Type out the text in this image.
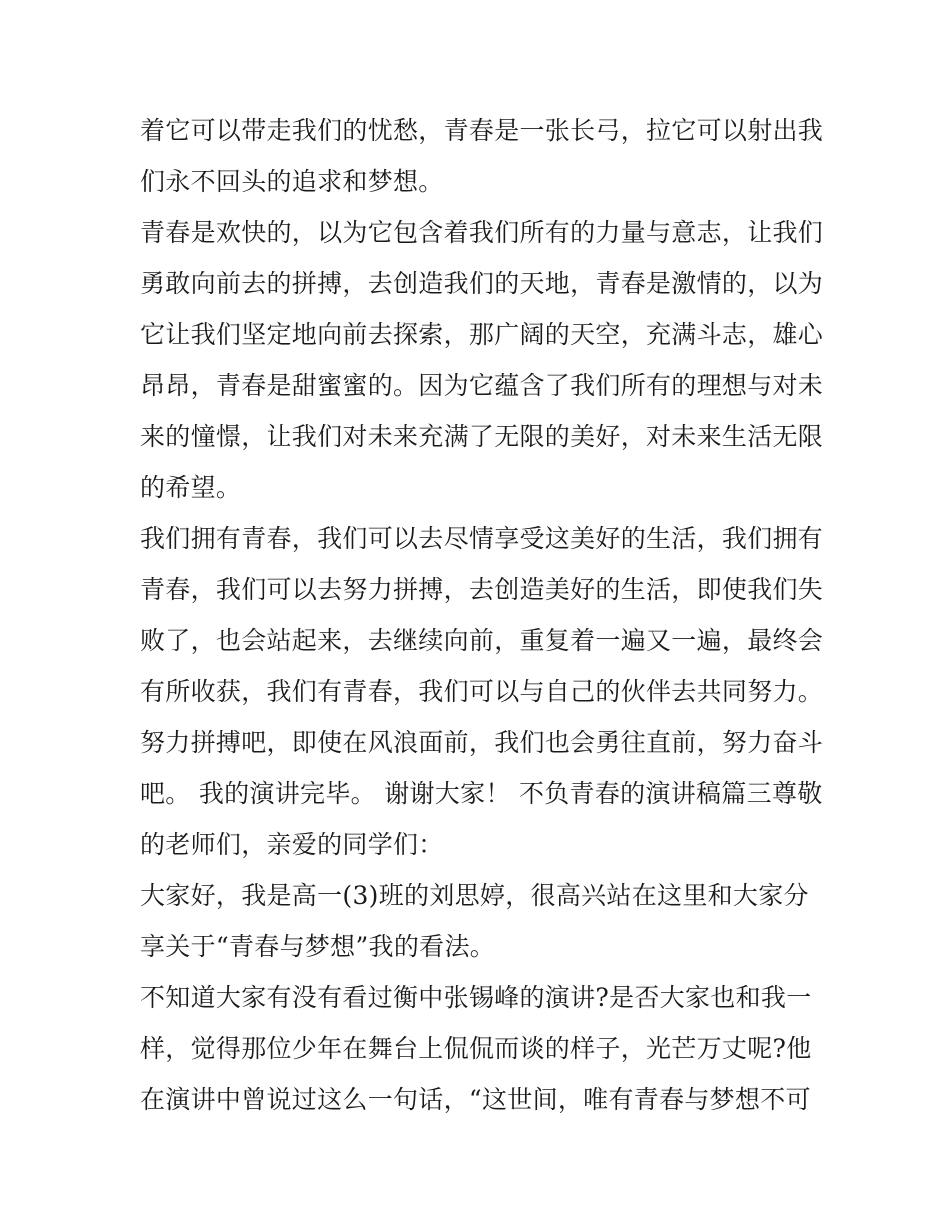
着它可以带走我们的忧愁，青春是一张长弓，拉它可以射出我
们永不回头的追求和梦想。
青春是欢快的，以为它包含着我们所有的力量与意志，让我们
勇敢向前去的拼搏，去创造我们的天地，青春是激情的，以为
它让我们坚定地向前去探索，那广阔的天空，充满斗志，雄心
昂昂，青春是甜蜜蜜的。因为它蕴含了我们所有的理想与对未
来的憧憬，让我们对未来充满了无限的美好，对未来生活无限
的希望。
我们拥有青春，我们可以去尽情享受这美好的生活，我们拥有
青春，我们可以去努力拼搏，去创造美好的生活，即使我们失
败了，也会站起来，去继续向前，重复着一遍又一遍，最终会
有所收获，我们有青春，我们可以与自己的伙伴去共同努力。
努力拼搏吧，即使在风浪面前，我们也会勇往直前，努力奋斗
吧。 我的演讲完毕。 谢谢大家！ 不负青春的演讲稿篇三尊敬
的老师们，亲爱的同学们：
大家好，我是高一(3)班的刘思婷，很高兴站在这里和大家分
享关于“青春与梦想”我的看法。
不知道大家有没有看过衡中张锡峰的演讲?是否大家也和我一
样，觉得那位少年在舞台上侃侃而谈的样子，光芒万丈呢?他
在演讲中曾说过这么一句话，“这世间，唯有青春与梦想不可
